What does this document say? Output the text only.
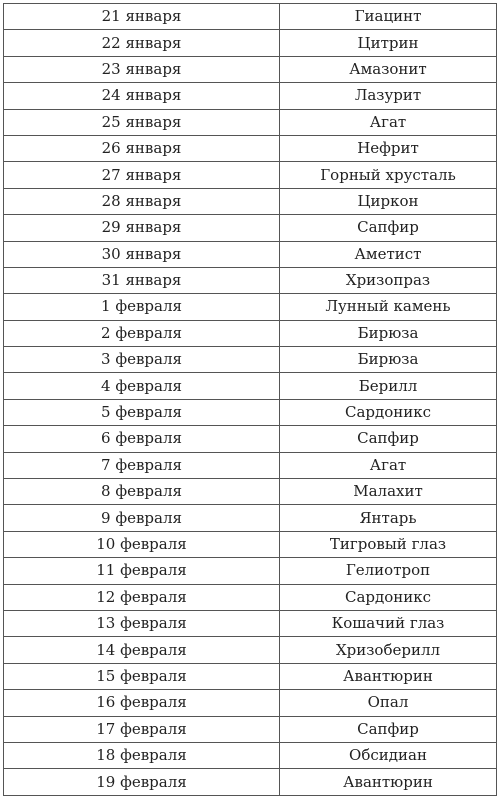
21 января	Гиацинт
22 января	Цитрин
23 января	Амазонит
24 января	Лазурит
25 января	Агат
26 января	Нефрит
27 января	Горный хрусталь
28 января	Циркон
29 января	Сапфир
30 января	Аметист
31 января	Хризопраз
1 февраля	Лунный камень
2 февраля	Бирюза
3 февраля	Бирюза
4 февраля	Берилл
5 февраля	Сардоникс
6 февраля	Сапфир
7 февраля	Агат
8 февраля	Малахит
9 февраля	Янтарь
10 февраля	Тигровый глаз
11 февраля	Гелиотроп
12 февраля	Сардоникс
13 февраля	Кошачий глаз
14 февраля	Хризоберилл
15 февраля	Авантюрин
16 февраля	Опал
17 февраля	Сапфир
18 февраля	Обсидиан
19 февраля	Авантюрин
